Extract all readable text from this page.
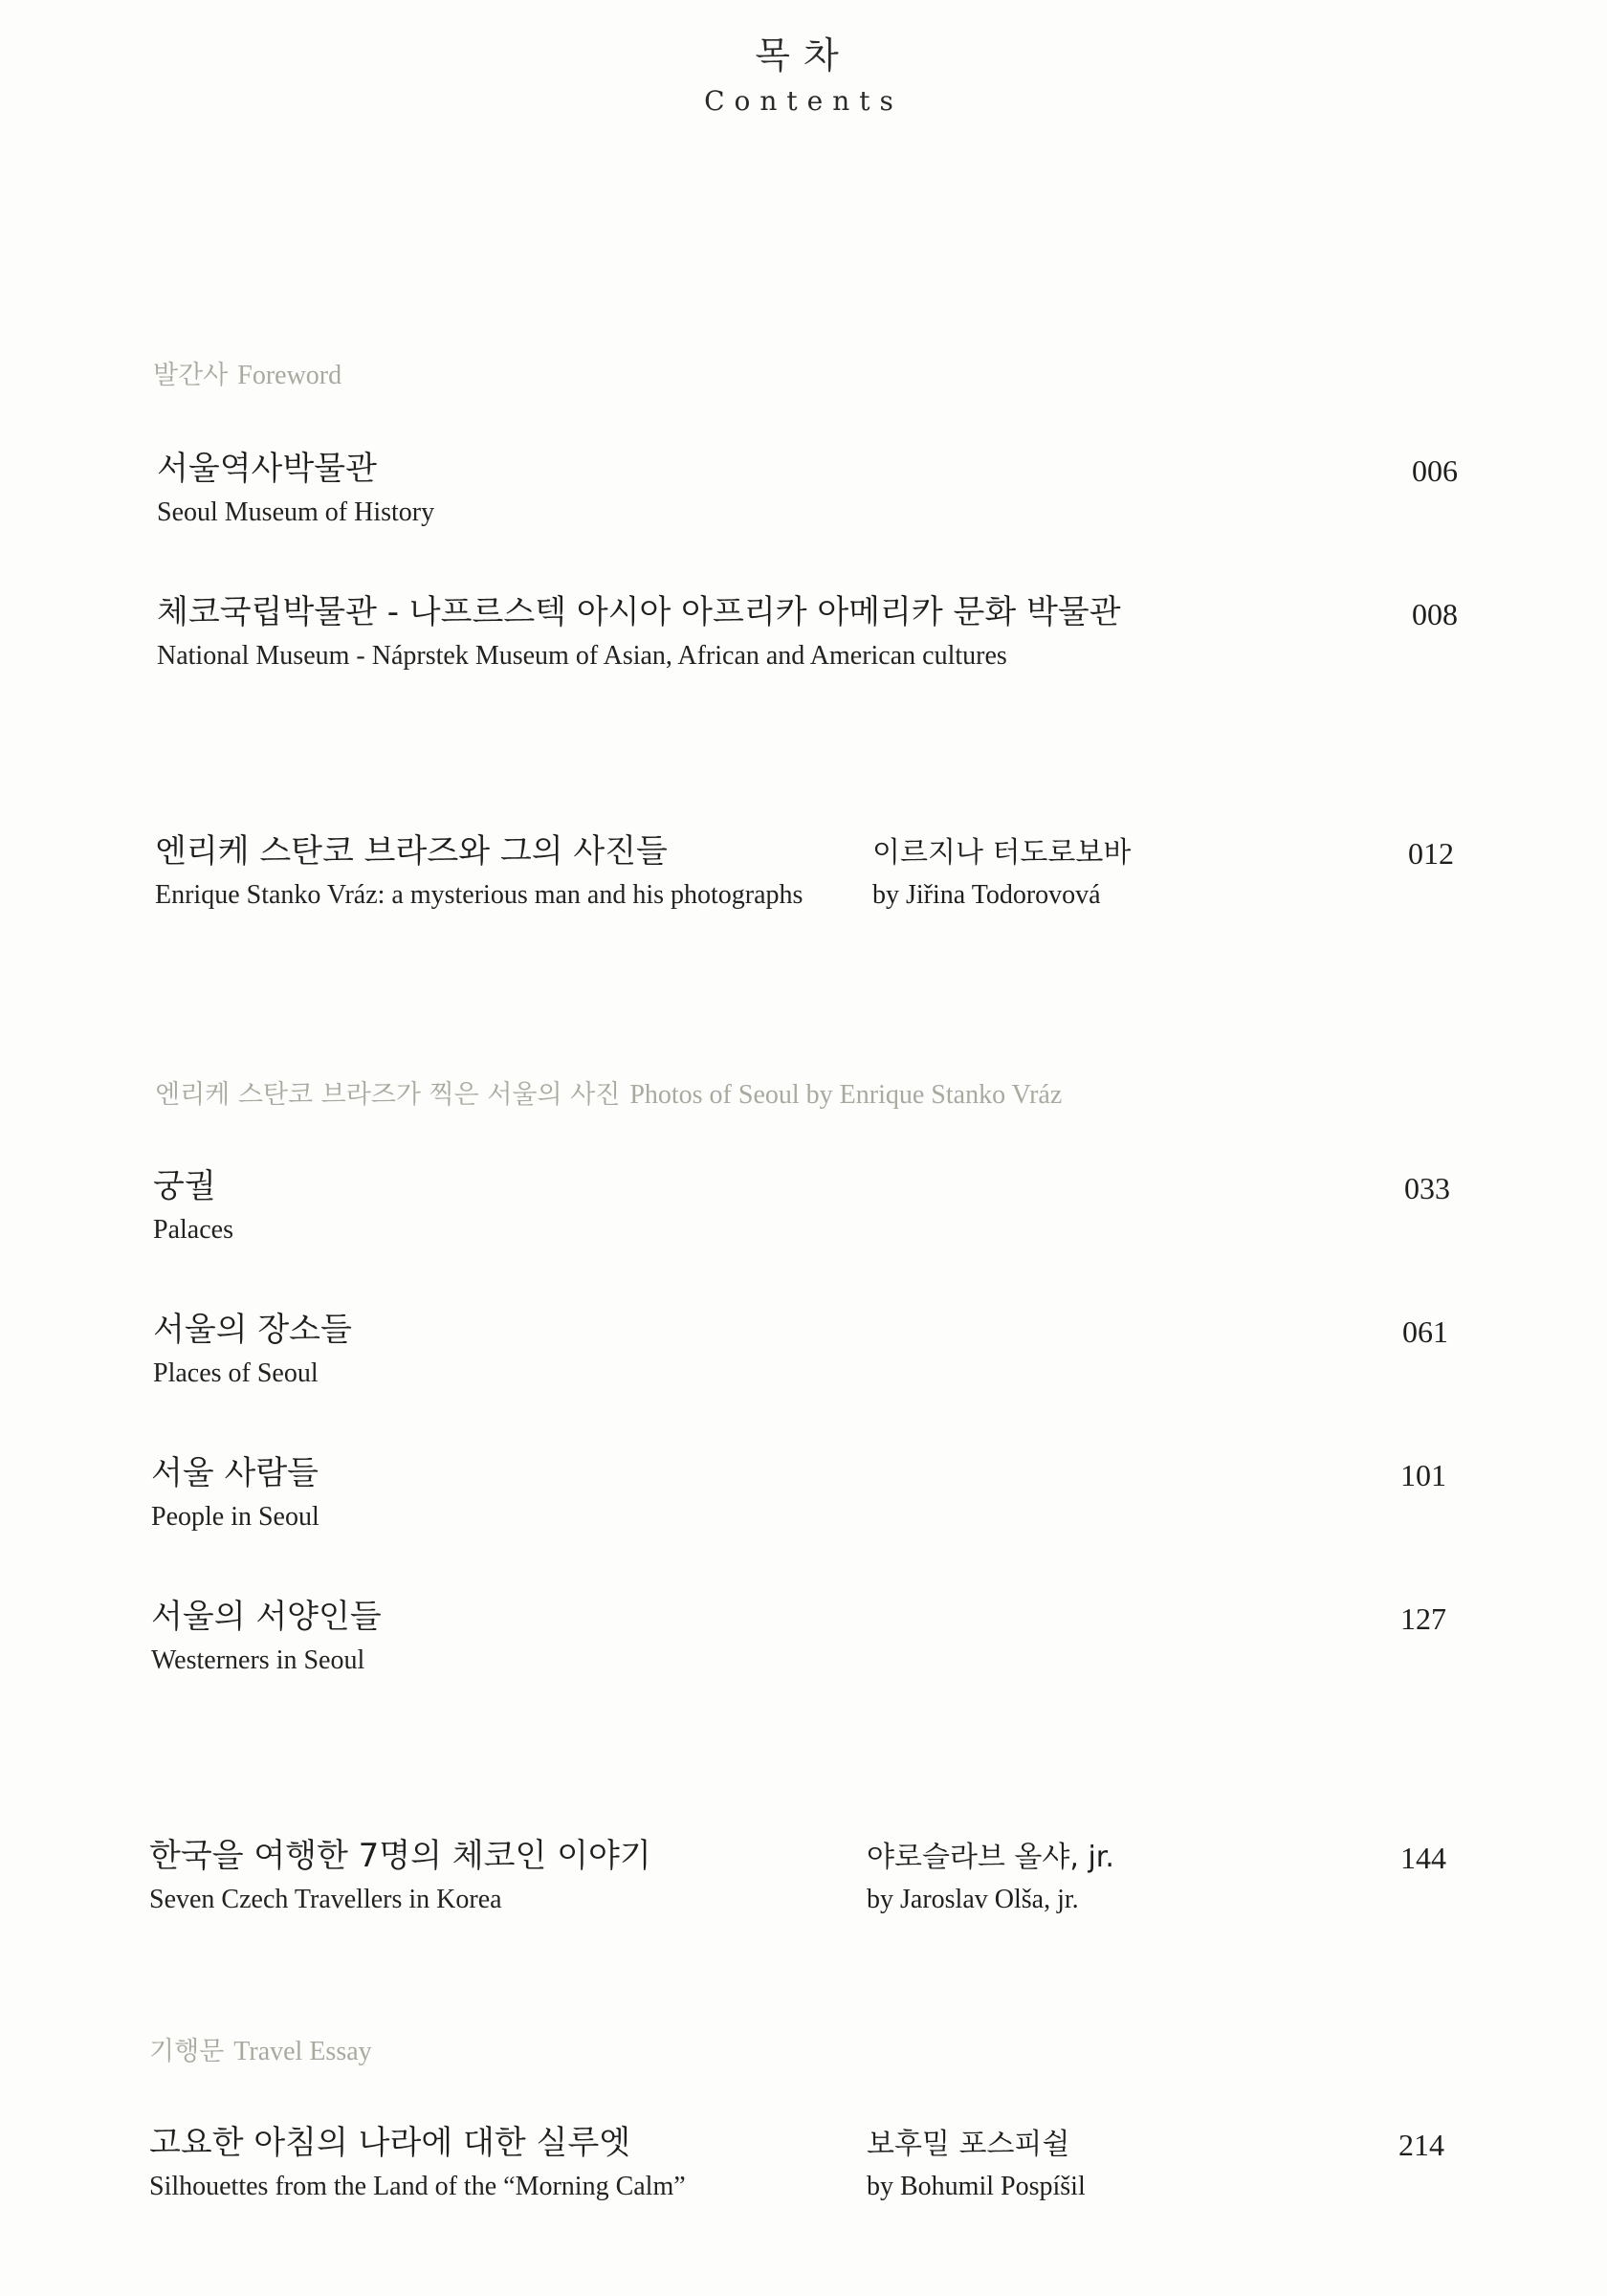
목차
Contents
발간사 Foreword
서울역사박물관
Seoul Museum of History
006
체코국립박물관 - 나프르스텍 아시아 아프리카 아메리카 문화 박물관
National Museum - Náprstek Museum of Asian, African and American cultures
008
엔리케 스탄코 브라즈와 그의 사진들
Enrique Stanko Vráz: a mysterious man and his photographs
이르지나 터도로보바
by Jiřina Todorovová
012
엔리케 스탄코 브라즈가 찍은 서울의 사진 Photos of Seoul by Enrique Stanko Vráz
궁궐
Palaces
033
서울의 장소들
Places of Seoul
061
서울 사람들
People in Seoul
101
서울의 서양인들
Westerners in Seoul
127
한국을 여행한 7명의 체코인 이야기
Seven Czech Travellers in Korea
야로슬라브 올샤, jr.
by Jaroslav Olša, jr.
144
기행문 Travel Essay
고요한 아침의 나라에 대한 실루엣
Silhouettes from the Land of the “Morning Calm”
보후밀 포스피쉴
by Bohumil Pospíšil
214
